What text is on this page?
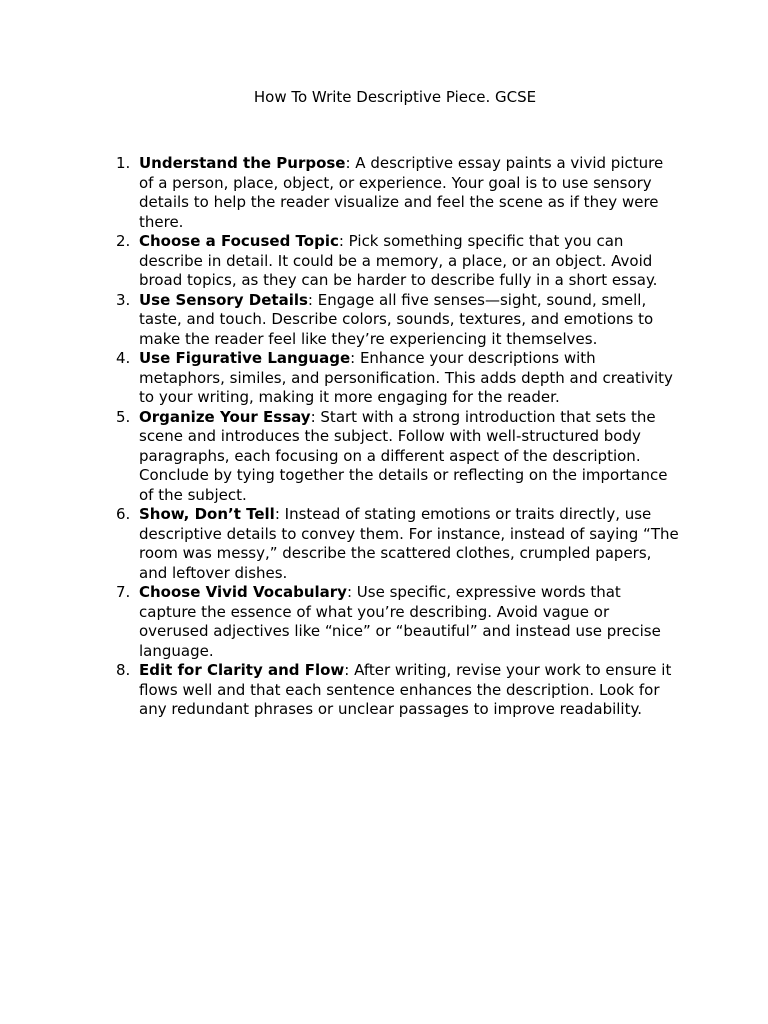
How To Write Descriptive Piece. GCSE
1. Understand the Purpose: A descriptive essay paints a vivid picture of a person, place, object, or experience. Your goal is to use sensory details to help the reader visualize and feel the scene as if they were there.
2. Choose a Focused Topic: Pick something specific that you can describe in detail. It could be a memory, a place, or an object. Avoid broad topics, as they can be harder to describe fully in a short essay.
3. Use Sensory Details: Engage all five senses—sight, sound, smell, taste, and touch. Describe colors, sounds, textures, and emotions to make the reader feel like they’re experiencing it themselves.
4. Use Figurative Language: Enhance your descriptions with metaphors, similes, and personification. This adds depth and creativity to your writing, making it more engaging for the reader.
5. Organize Your Essay: Start with a strong introduction that sets the scene and introduces the subject. Follow with well-structured body paragraphs, each focusing on a different aspect of the description. Conclude by tying together the details or reflecting on the importance of the subject.
6. Show, Don’t Tell: Instead of stating emotions or traits directly, use descriptive details to convey them. For instance, instead of saying “The room was messy,” describe the scattered clothes, crumpled papers, and leftover dishes.
7. Choose Vivid Vocabulary: Use specific, expressive words that capture the essence of what you’re describing. Avoid vague or overused adjectives like “nice” or “beautiful” and instead use precise language.
8. Edit for Clarity and Flow: After writing, revise your work to ensure it flows well and that each sentence enhances the description. Look for any redundant phrases or unclear passages to improve readability.
